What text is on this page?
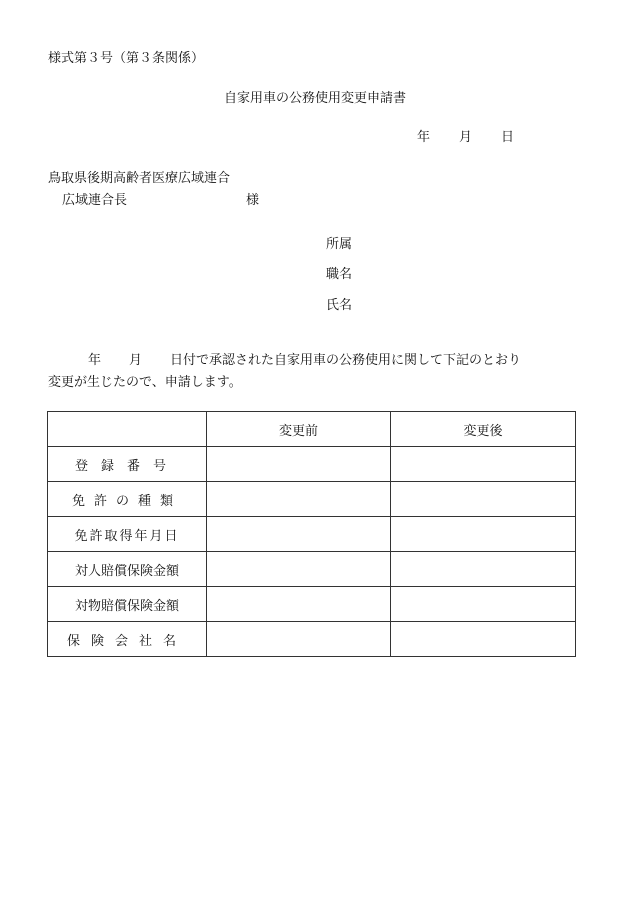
様式第３号（第３条関係）
自家用車の公務使用変更申請書
年 月 日
鳥取県後期高齢者医療広域連合
広域連合長	様
所属
職名
氏名
年 月 日付で承認された自家用車の公務使用に関して下記のとおり
変更が生じたので、申請します。
	変更前	変更後
登録番号		
免許の種類		
免許取得年月日		
対人賠償保険金額		
対物賠償保険金額		
保険会社名		
